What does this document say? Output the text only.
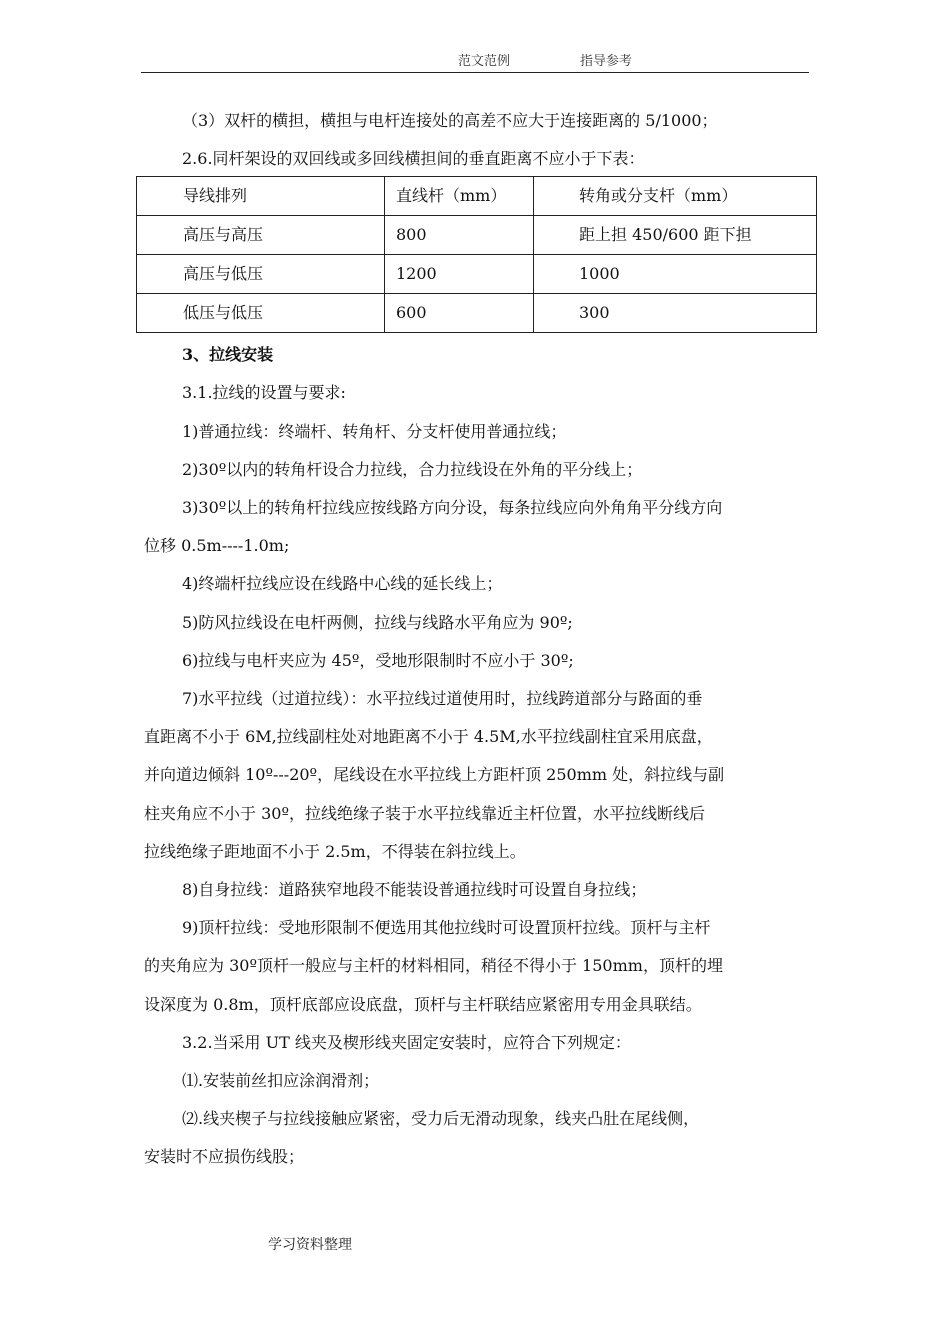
范文范例	指导参考
（3）双杆的横担，横担与电杆连接处的高差不应大于连接距离的 5/1000；
2.6.同杆架设的双回线或多回线横担间的垂直距离不应小于下表：
导线排列	直线杆（mm）	转角或分支杆（mm）
高压与高压	800	距上担 450/600 距下担
高压与低压	1200	1000
低压与低压	600	300
3、拉线安装
3.1.拉线的设置与要求:
1)普通拉线：终端杆、转角杆、分支杆使用普通拉线；
2)30º以内的转角杆设合力拉线，合力拉线设在外角的平分线上；
3)30º以上的转角杆拉线应按线路方向分设，每条拉线应向外角角平分线方向
位移 0.5m----1.0m;
4)终端杆拉线应设在线路中心线的延长线上；
5)防风拉线设在电杆两侧，拉线与线路水平角应为 90º;
6)拉线与电杆夹应为 45º，受地形限制时不应小于 30º;
7)水平拉线（过道拉线）：水平拉线过道使用时，拉线跨道部分与路面的垂
直距离不小于 6M,拉线副柱处对地距离不小于 4.5M,水平拉线副柱宜采用底盘，
并向道边倾斜 10º---20º，尾线设在水平拉线上方距杆顶 250mm 处，斜拉线与副
柱夹角应不小于 30º，拉线绝缘子装于水平拉线靠近主杆位置，水平拉线断线后
拉线绝缘子距地面不小于 2.5m，不得装在斜拉线上。
8)自身拉线：道路狭窄地段不能装设普通拉线时可设置自身拉线；
9)顶杆拉线：受地形限制不便选用其他拉线时可设置顶杆拉线。顶杆与主杆
的夹角应为 30º顶杆一般应与主杆的材料相同，稍径不得小于 150mm，顶杆的埋
设深度为 0.8m，顶杆底部应设底盘，顶杆与主杆联结应紧密用专用金具联结。
3.2.当采用 UT 线夹及楔形线夹固定安装时，应符合下列规定：
⑴.安装前丝扣应涂润滑剂；
⑵.线夹楔子与拉线接触应紧密，受力后无滑动现象，线夹凸肚在尾线侧，
安装时不应损伤线股；
学习资料整理
